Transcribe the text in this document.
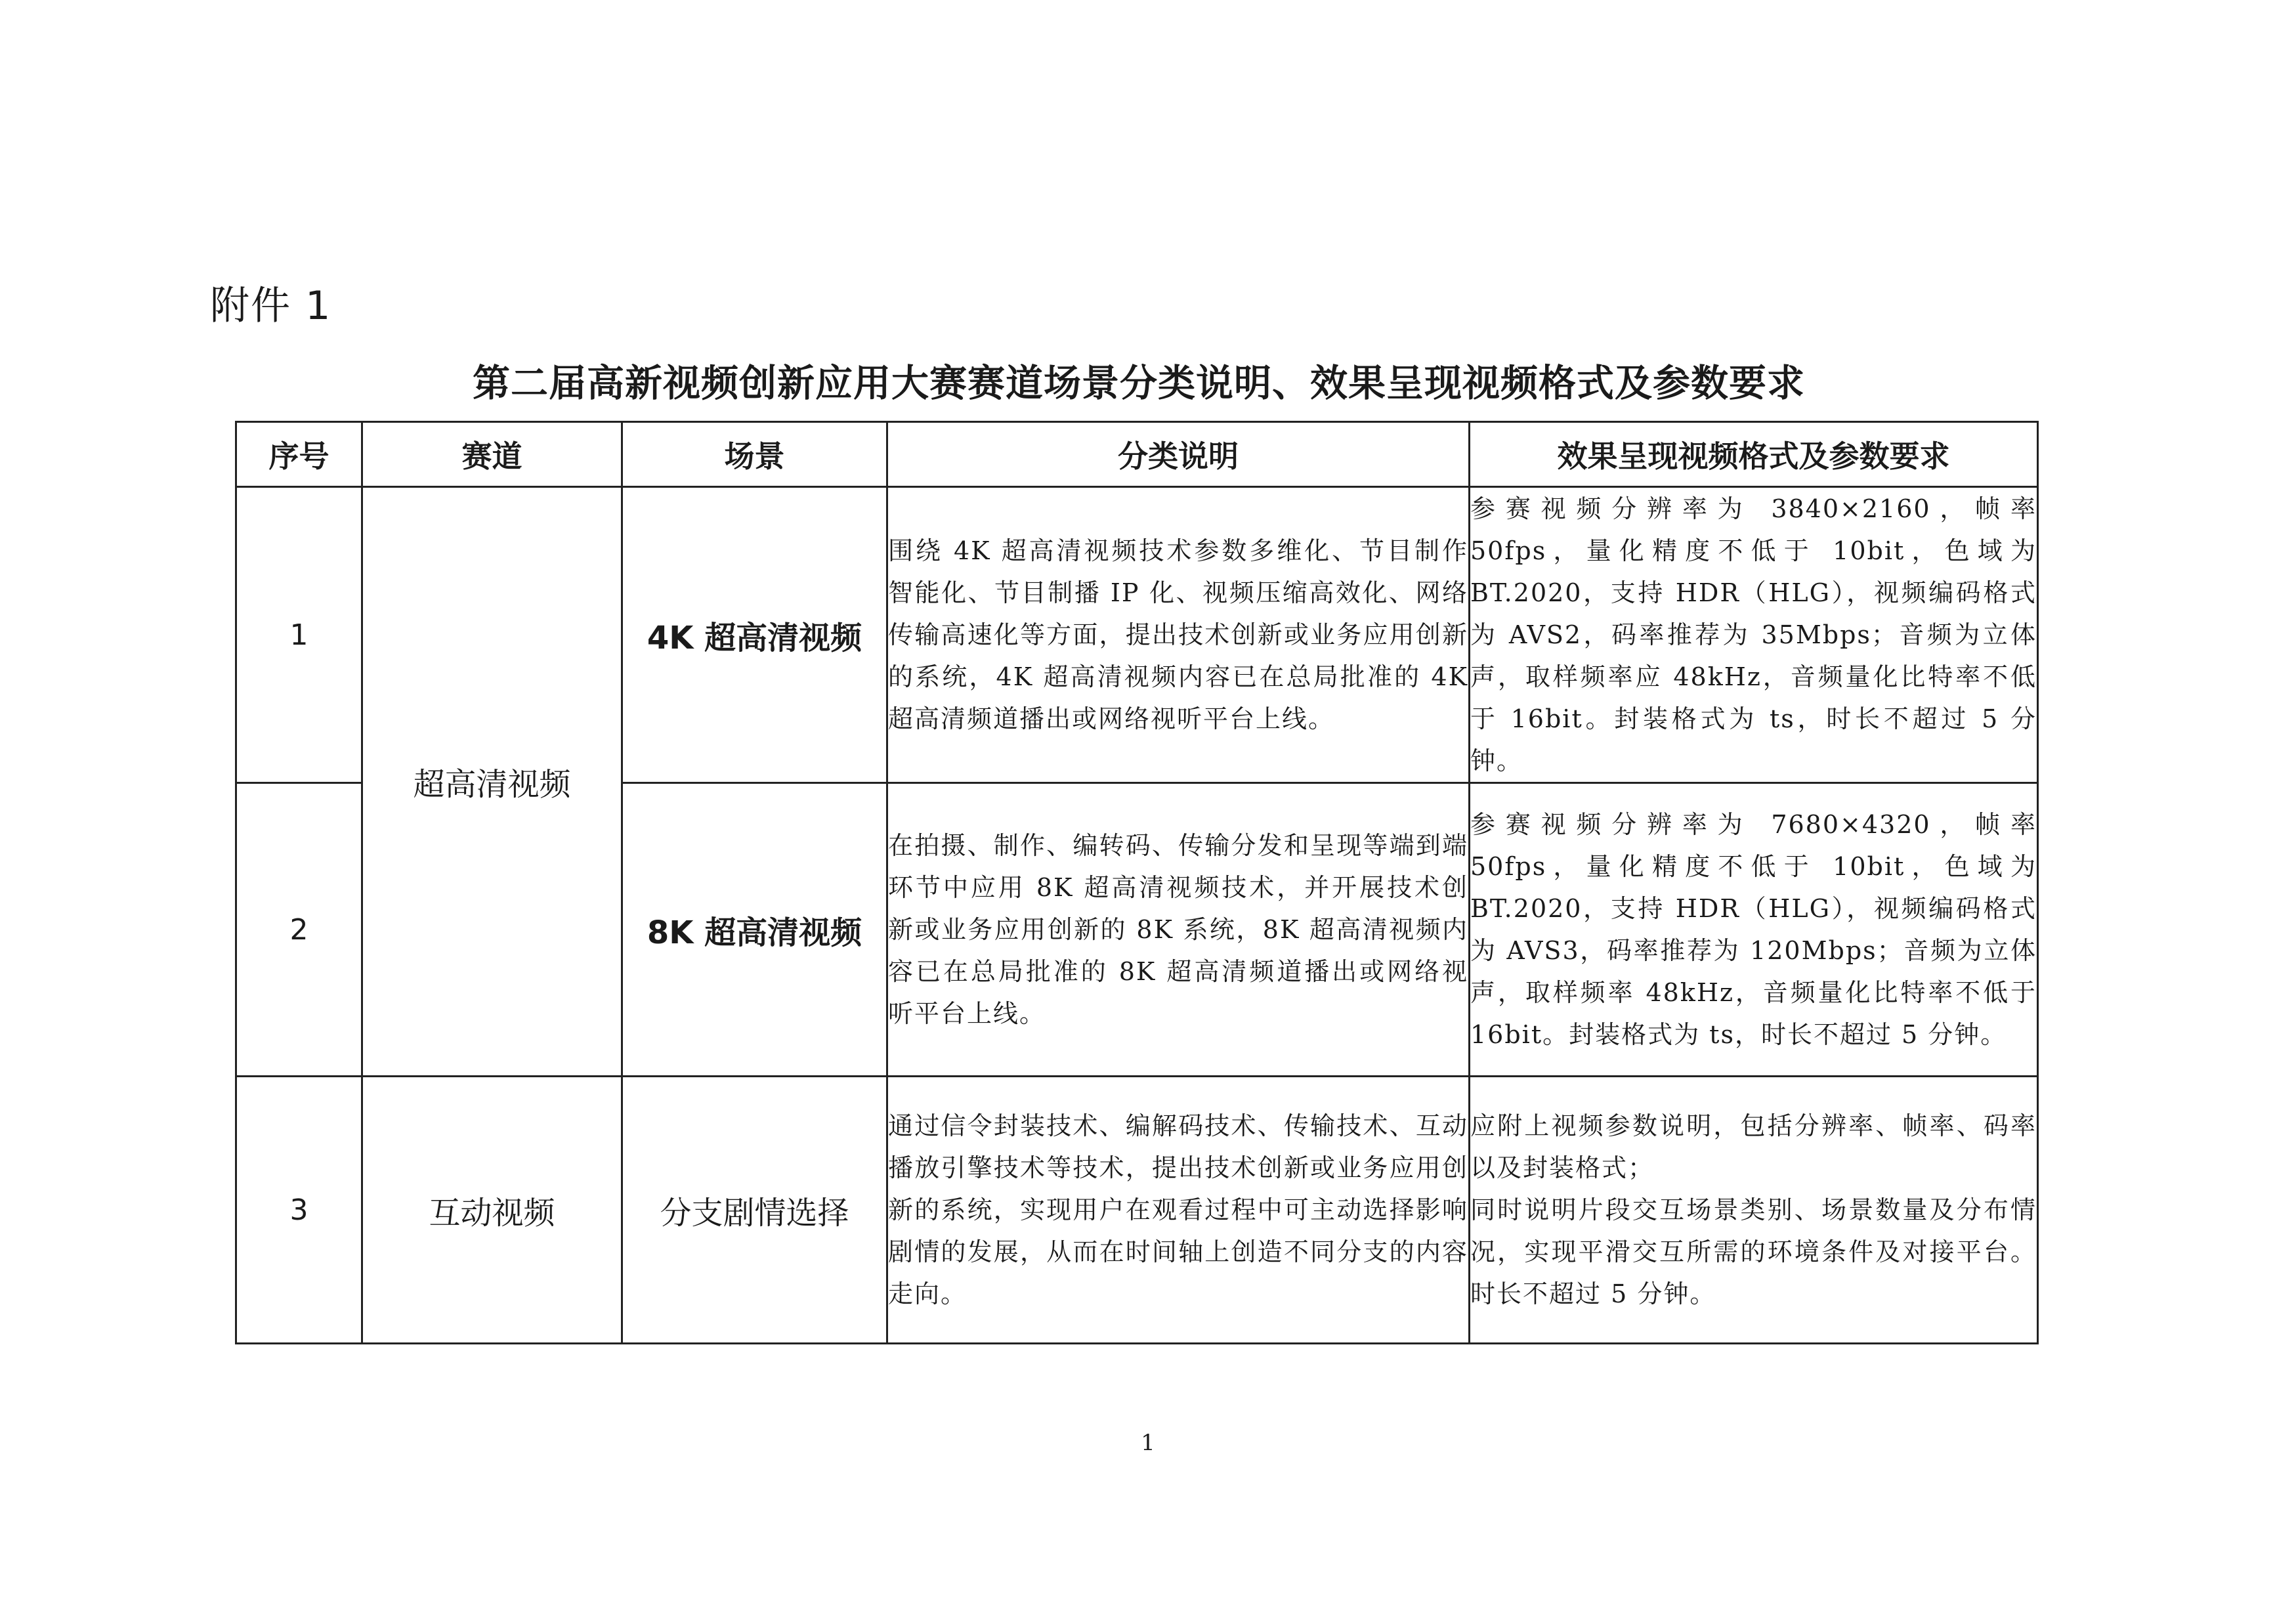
附件 1
第二届高新视频创新应用大赛赛道场景分类说明、效果呈现视频格式及参数要求
序号	赛道	场景	分类说明	效果呈现视频格式及参数要求
1	超高清视频	4K 超高清视频	围绕 4K 超高清视频技术参数多维化、节目制作智能化、节目制播 IP 化、视频压缩高效化、网络传输高速化等方面，提出技术创新或业务应用创新的系统，4K 超高清视频内容已在总局批准的 4K 超高清频道播出或网络视听平台上线。	参赛视频分辨率为 3840×2160，帧率 50fps，量化精度不低于 10bit，色域为 BT.2020，支持 HDR（HLG），视频编码格式为 AVS2，码率推荐为 35Mbps；音频为立体声，取样频率应 48kHz，音频量化比特率不低于 16bit。封装格式为 ts，时长不超过 5 分钟。
2		8K 超高清视频	在拍摄、制作、编转码、传输分发和呈现等端到端环节中应用 8K 超高清视频技术，并开展技术创新或业务应用创新的 8K 系统，8K 超高清视频内容已在总局批准的 8K 超高清频道播出或网络视听平台上线。	参赛视频分辨率为 7680×4320，帧率 50fps，量化精度不低于 10bit，色域为 BT.2020，支持 HDR（HLG），视频编码格式为 AVS3，码率推荐为 120Mbps；音频为立体声，取样频率 48kHz，音频量化比特率不低于 16bit。封装格式为 ts，时长不超过 5 分钟。
3	互动视频	分支剧情选择	通过信令封装技术、编解码技术、传输技术、互动播放引擎技术等技术，提出技术创新或业务应用创新的系统，实现用户在观看过程中可主动选择影响剧情的发展，从而在时间轴上创造不同分支的内容走向。	应附上视频参数说明，包括分辨率、帧率、码率以及封装格式；
同时说明片段交互场景类别、场景数量及分布情况，实现平滑交互所需的环境条件及对接平台。时长不超过 5 分钟。
1
